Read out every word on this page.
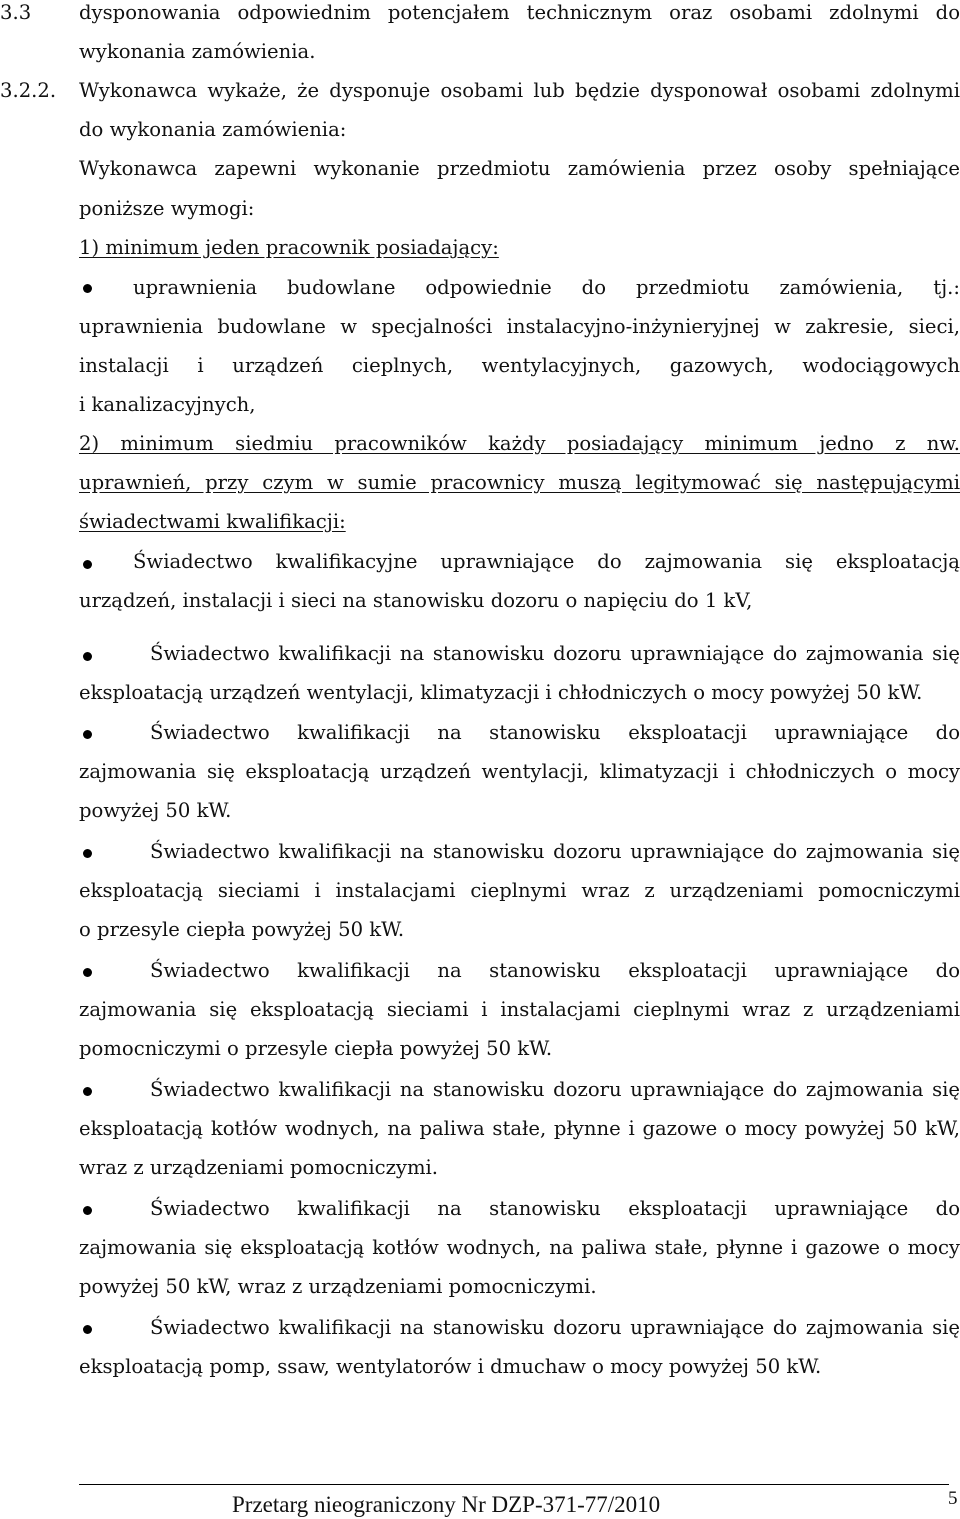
3.3 dysponowania odpowiednim potencjałem technicznym oraz osobami zdolnymi do
wykonania zamówienia.
3.2.2. Wykonawca wykaże, że dysponuje osobami lub będzie dysponował osobami zdolnymi
do wykonania zamówienia:
Wykonawca zapewni wykonanie przedmiotu zamówienia przez osoby spełniające
poniższe wymogi:
1) minimum jeden pracownik posiadający:
uprawnienia budowlane odpowiednie do przedmiotu zamówienia, tj.:
uprawnienia budowlane w specjalności instalacyjno-inżynieryjnej w zakresie, sieci,
instalacji i urządzeń cieplnych, wentylacyjnych, gazowych, wodociągowych
i kanalizacyjnych,
2) minimum siedmiu pracowników każdy posiadający minimum jedno z nw.
uprawnień, przy czym w sumie pracownicy muszą legitymować się następującymi
świadectwami kwalifikacji:
Świadectwo kwalifikacyjne uprawniające do zajmowania się eksploatacją
urządzeń, instalacji i sieci na stanowisku dozoru o napięciu do 1 kV,
Świadectwo kwalifikacji na stanowisku dozoru uprawniające do zajmowania się
eksploatacją urządzeń wentylacji, klimatyzacji i chłodniczych o mocy powyżej 50 kW.
Świadectwo kwalifikacji na stanowisku eksploatacji uprawniające do
zajmowania się eksploatacją urządzeń wentylacji, klimatyzacji i chłodniczych o mocy
powyżej 50 kW.
Świadectwo kwalifikacji na stanowisku dozoru uprawniające do zajmowania się
eksploatacją sieciami i instalacjami cieplnymi wraz z urządzeniami pomocniczymi
o przesyle ciepła powyżej 50 kW.
Świadectwo kwalifikacji na stanowisku eksploatacji uprawniające do
zajmowania się eksploatacją sieciami i instalacjami cieplnymi wraz z urządzeniami
pomocniczymi o przesyle ciepła powyżej 50 kW.
Świadectwo kwalifikacji na stanowisku dozoru uprawniające do zajmowania się
eksploatacją kotłów wodnych, na paliwa stałe, płynne i gazowe o mocy powyżej 50 kW,
wraz z urządzeniami pomocniczymi.
Świadectwo kwalifikacji na stanowisku eksploatacji uprawniające do
zajmowania się eksploatacją kotłów wodnych, na paliwa stałe, płynne i gazowe o mocy
powyżej 50 kW, wraz z urządzeniami pomocniczymi.
Świadectwo kwalifikacji na stanowisku dozoru uprawniające do zajmowania się
eksploatacją pomp, ssaw, wentylatorów i dmuchaw o mocy powyżej 50 kW.
Przetarg nieograniczony Nr DZP-371-77/2010	5
